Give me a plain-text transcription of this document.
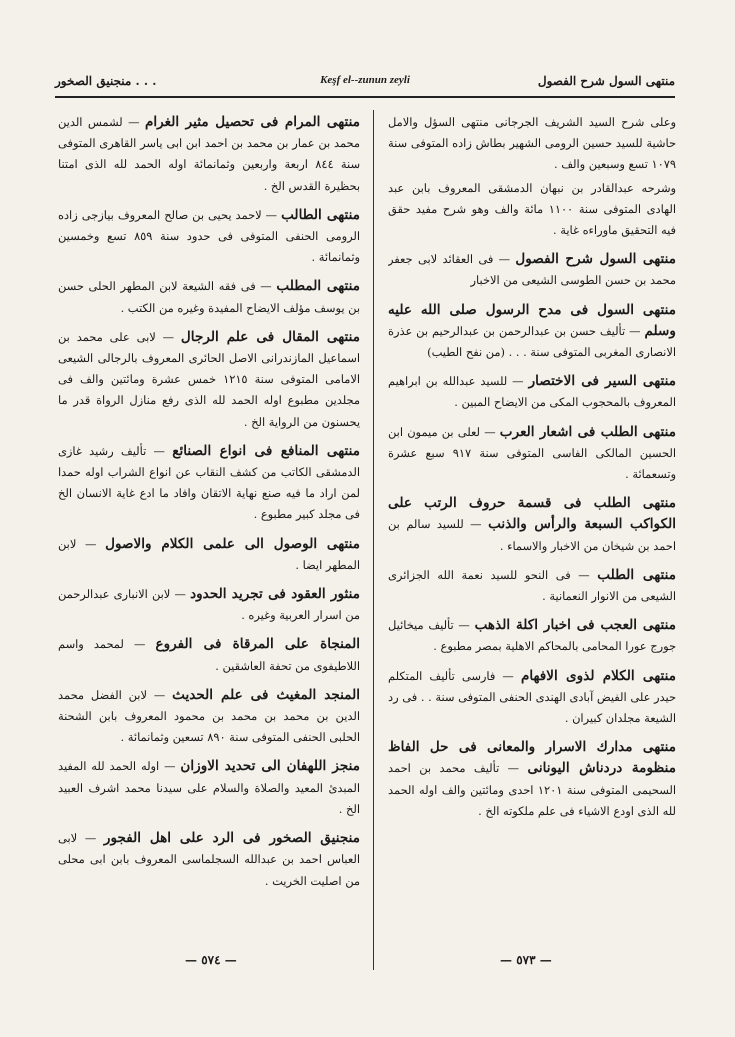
منجنيق الصخور . . .	Keşf el--zunun zeyli	منتهى السول شرح الفصول

وعلى شرح السيد الشريف الجرجانى منتهى السؤل والامل حاشية للسيد حسين الرومى الشهير بطاش زاده المتوفى سنة ١٠٧٩ تسع وسبعين والف .

وشرحه عبدالقادر بن نبهان الدمشقى المعروف بابن عبد الهادى المتوفى سنة ١١٠٠ مائة والف وهو شرح مفيد حقق فيه التحقيق ماوراءه غاية .

منتهى السول شرح الفصول — فى العقائد لابى جعفر محمد بن حسن الطوسى الشيعى من الاخبار

منتهى السول فى مدح الرسول صلى الله عليه وسلم — تأليف حسن بن عبدالرحمن بن عبدالرحيم بن عذرة الانصارى المغربى المتوفى سنة . . . (من نفح الطيب)

منتهى السير فى الاختصار — للسيد عبدالله بن ابراهيم المعروف بالمحجوب المكى من الايضاح المبين .

منتهى الطلب فى اشعار العرب — لعلى بن ميمون ابن الحسين المالكى الفاسى المتوفى سنة ٩١٧ سبع عشرة وتسعمائة .

منتهى الطلب فى قسمة حروف الرتب على الكواكب السبعة والرأس والذنب — للسيد سالم بن احمد بن شيخان من الاخبار والاسماء .

منتهى الطلب — فى النحو للسيد نعمة الله الجزائرى الشيعى من الانوار النعمانية .

منتهى العجب فى اخبار اكلة الذهب — تأليف ميخائيل جورج عورا المحامى بالمحاكم الاهلية بمصر مطبوع .

منتهى الكلام لذوى الافهام — فارسى تأليف المتكلم حيدر على الفيض آبادى الهندى الحنفى المتوفى سنة . . فى رد الشيعة مجلدان كبيران .

منتهى مدارك الاسرار والمعانى فى حل الفاظ منظومة دردناش اليونانى — تأليف محمد بن احمد السحيمى المتوفى سنة ١٢٠١ احدى ومائتين والف اوله الحمد لله الذى اودع الاشياء فى علم ملكوته الخ .

منتهى المرام فى تحصيل مثير الغرام — لشمس الدين محمد بن عمار بن محمد بن احمد ابن ابى ياسر القاهرى المتوفى سنة ٨٤٤ اربعة واربعين وثمانمائة اوله الحمد لله الذى امتنا بحظيرة القدس الخ .

منتهى الطالب — لاحمد يحيى بن صالح المعروف بيازجى زاده الرومى الحنفى المتوفى فى حدود سنة ٨٥٩ تسع وخمسين وثمانمائة .

منتهى المطلب — فى فقه الشيعة لابن المطهر الحلى حسن بن يوسف مؤلف الايضاح المفيدة وغيره من الكتب .

منتهى المقال فى علم الرجال — لابى على محمد بن اسماعيل المازندرانى الاصل الحائرى المعروف بالرجالى الشيعى الامامى المتوفى سنة ١٢١٥ خمس عشرة ومائتين والف فى مجلدين مطبوع اوله الحمد لله الذى رفع منازل الرواة قدر ما يحسنون من الرواية الخ .

منتهى المنافع فى انواع الصنائع — تأليف رشيد غازى الدمشقى الكاتب من كشف النقاب عن انواع الشراب اوله حمدا لمن اراد ما فيه صنع نهاية الاتقان وافاد ما ادع غاية الانسان الخ فى مجلد كبير مطبوع .

منتهى الوصول الى علمى الكلام والاصول — لابن المطهر ايضا .

منثور العقود فى تجريد الحدود — لابن الانبارى عبدالرحمن من اسرار العربية وغيره .

المنجاة على المرقاة فى الفروع — لمحمد واسم اللاطيفوى من تحفة العاشقين .

المنجد المغيث فى علم الحديث — لابن الفضل محمد الدين بن محمد بن محمد بن محمود المعروف بابن الشحنة الحلبى الحنفى المتوفى سنة ٨٩٠ تسعين وثمانمائة .

منجز اللهفان الى تحديد الاوزان — اوله الحمد لله المفيد المبدئ المعيد والصلاة والسلام على سيدنا محمد اشرف العبيد الخ .

منجنيق الصخور فى الرد على اهل الفجور — لابى العباس احمد بن عبدالله السجلماسى المعروف بابن ابى محلى من اصليت الخريت .

— ٥٧٤ —	— ٥٧٣ —
